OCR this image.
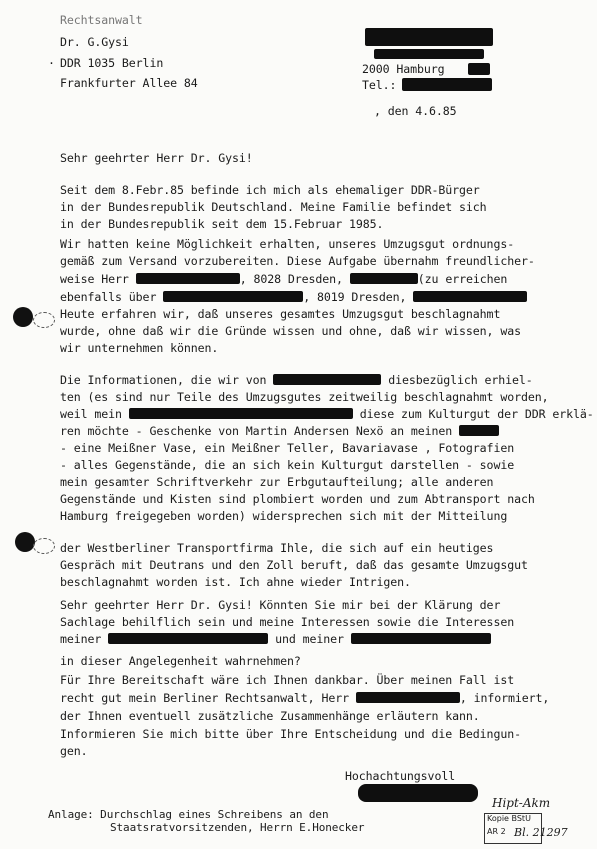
Rechtsanwalt
Dr. G.Gysi
· DDR 1035 Berlin
Frankfurter Allee 84
2000 Hamburg
Tel.:
, den 4.6.85
Sehr geehrter Herr Dr. Gysi!
Seit dem 8.Febr.85 befinde ich mich als ehemaliger DDR-Bürger
in der Bundesrepublik Deutschland. Meine Familie befindet sich
in der Bundesrepublik seit dem 15.Februar 1985.
Wir hatten keine Möglichkeit erhalten, unseres Umzugsgut ordnungs-
gemäß zum Versand vorzubereiten. Diese Aufgabe übernahm freundlicher-
weise Herr	, 8028 Dresden,	(zu erreichen
ebenfalls über	, 8019 Dresden,
Heute erfahren wir, daß unseres gesamtes Umzugsgut beschlagnahmt
wurde, ohne daß wir die Gründe wissen und ohne, daß wir wissen, was
wir unternehmen können.
Die Informationen, die wir von	diesbezüglich erhiel-
ten (es sind nur Teile des Umzugsgutes zeitweilig beschlagnahmt worden,
weil mein	diese zum Kulturgut der DDR erklä-
ren möchte - Geschenke von Martin Andersen Nexö an meinen
- eine Meißner Vase, ein Meißner Teller, Bavariavase , Fotografien
- alles Gegenstände, die an sich kein Kulturgut darstellen - sowie
mein gesamter Schriftverkehr zur Erbgutaufteilung; alle anderen
Gegenstände und Kisten sind plombiert worden und zum Abtransport nach
Hamburg freigegeben worden) widersprechen sich mit der Mitteilung
der Westberliner Transportfirma Ihle, die sich auf ein heutiges
Gespräch mit Deutrans und den Zoll beruft, daß das gesamte Umzugsgut
beschlagnahmt worden ist. Ich ahne wieder Intrigen.
Sehr geehrter Herr Dr. Gysi! Könnten Sie mir bei der Klärung der
Sachlage behilflich sein und meine Interessen sowie die Interessen
meiner	und meiner
in dieser Angelegenheit wahrnehmen?
Für Ihre Bereitschaft wäre ich Ihnen dankbar. Über meinen Fall ist
recht gut mein Berliner Rechtsanwalt, Herr	, informiert,
der Ihnen eventuell zusätzliche Zusammenhänge erläutern kann.
Informieren Sie mich bitte über Ihre Entscheidung und die Bedingun-
gen.
Hochachtungsvoll
Anlage: Durchschlag eines Schreibens an den
Staatsratvorsitzenden, Herrn E.Honecker
Hipt-Akm
Kopie BStU
AR 2 Bl. 21297
